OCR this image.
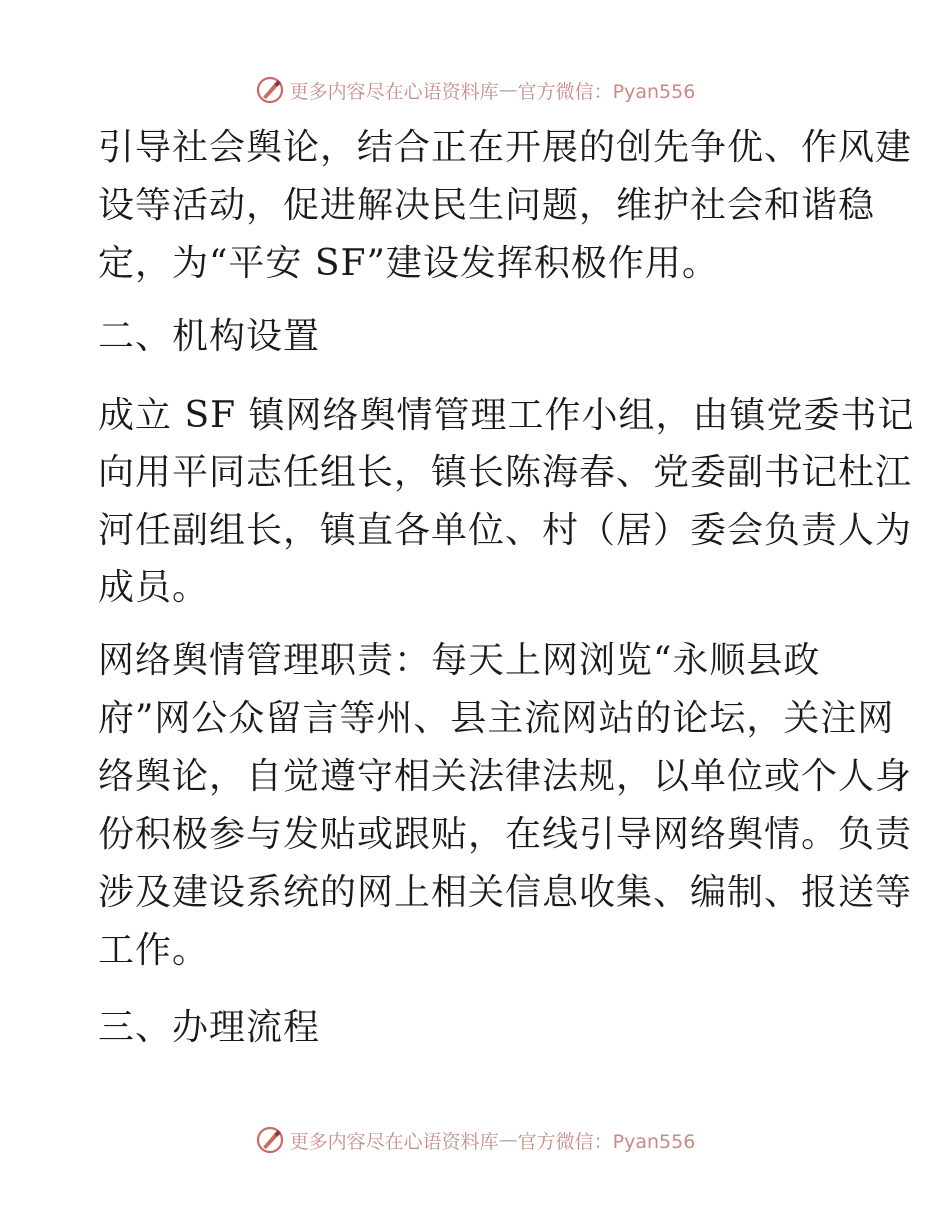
更多内容尽在心语资料库 — 官方微信：Pyan556
引导社会舆论，结合正在开展的创先争优、作风建
设等活动，促进解决民生问题，维护社会和谐稳
定，为“平安 SF”建设发挥积极作用。
二、机构设置
成立 SF 镇网络舆情管理工作小组，由镇党委书记
向用平同志任组长，镇长陈海春、党委副书记杜江
河任副组长，镇直各单位、村（居）委会负责人为
成员。
网络舆情管理职责：每天上网浏览“永顺县政
府”网公众留言等州、县主流网站的论坛，关注网
络舆论，自觉遵守相关法律法规，以单位或个人身
份积极参与发贴或跟贴，在线引导网络舆情。负责
涉及建设系统的网上相关信息收集、编制、报送等
工作。
三、办理流程
更多内容尽在心语资料库 — 官方微信：Pyan556
